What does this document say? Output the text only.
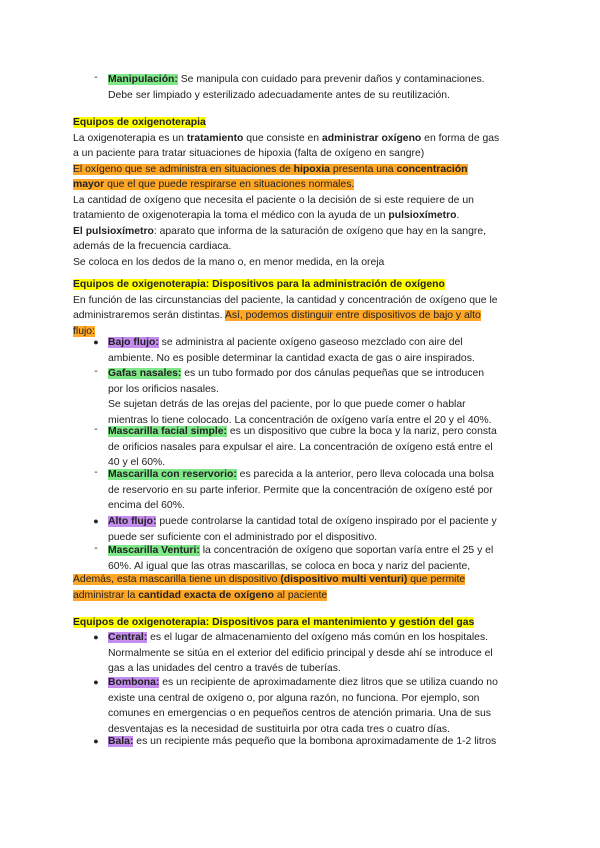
- Manipulación: Se manipula con cuidado para prevenir daños y contaminaciones.

Debe ser limpiado y esterilizado adecuadamente antes de su reutilización.

Equipos de oxigenoterapia

La oxigenoterapia es un tratamiento que consiste en administrar oxígeno en forma de gas

a un paciente para tratar situaciones de hipoxia (falta de oxígeno en sangre)

El oxígeno que se administra en situaciones de hipoxia presenta una concentración

mayor que el que puede respirarse en situaciones normales.

La cantidad de oxígeno que necesita el paciente o la decisión de si este requiere de un

tratamiento de oxigenoterapia la toma el médico con la ayuda de un pulsioxímetro.

El pulsioxímetro: aparato que informa de la saturación de oxígeno que hay en la sangre,

además de la frecuencia cardiaca.

Se coloca en los dedos de la mano o, en menor medida, en la oreja

Equipos de oxigenoterapia: Dispositivos para la administración de oxígeno

En función de las circunstancias del paciente, la cantidad y concentración de oxígeno que le

administraremos serán distintas. Así, podemos distinguir entre dispositivos de bajo y alto

flujo:

● Bajo flujo: se administra al paciente oxígeno gaseoso mezclado con aire del

ambiente. No es posible determinar la cantidad exacta de gas o aire inspirados.

- Gafas nasales: es un tubo formado por dos cánulas pequeñas que se introducen

por los orificios nasales.

Se sujetan detrás de las orejas del paciente, por lo que puede comer o hablar

mientras lo tiene colocado. La concentración de oxígeno varía entre el 20 y el 40%.

- Mascarilla facial simple: es un dispositivo que cubre la boca y la nariz, pero consta

de orificios nasales para expulsar el aire. La concentración de oxígeno está entre el

40 y el 60%.

- Mascarilla con reservorio: es parecida a la anterior, pero lleva colocada una bolsa

de reservorio en su parte inferior. Permite que la concentración de oxígeno esté por

encima del 60%.

● Alto flujo: puede controlarse la cantidad total de oxígeno inspirado por el paciente y

puede ser suficiente con el administrado por el dispositivo.

- Mascarilla Venturi: la concentración de oxígeno que soportan varía entre el 25 y el

60%. Al igual que las otras mascarillas, se coloca en boca y nariz del paciente,

Además, esta mascarilla tiene un dispositivo (dispositivo multi venturi) que permite

administrar la cantidad exacta de oxígeno al paciente

Equipos de oxigenoterapia: Dispositivos para el mantenimiento y gestión del gas

● Central: es el lugar de almacenamiento del oxígeno más común en los hospitales.

Normalmente se sitúa en el exterior del edificio principal y desde ahí se introduce el

gas a las unidades del centro a través de tuberías.

● Bombona: es un recipiente de aproximadamente diez litros que se utiliza cuando no

existe una central de oxígeno o, por alguna razón, no funciona. Por ejemplo, son

comunes en emergencias o en pequeños centros de atención primaria. Una de sus

desventajas es la necesidad de sustituirla por otra cada tres o cuatro días.

● Bala: es un recipiente más pequeño que la bombona aproximadamente de 1-2 litros
